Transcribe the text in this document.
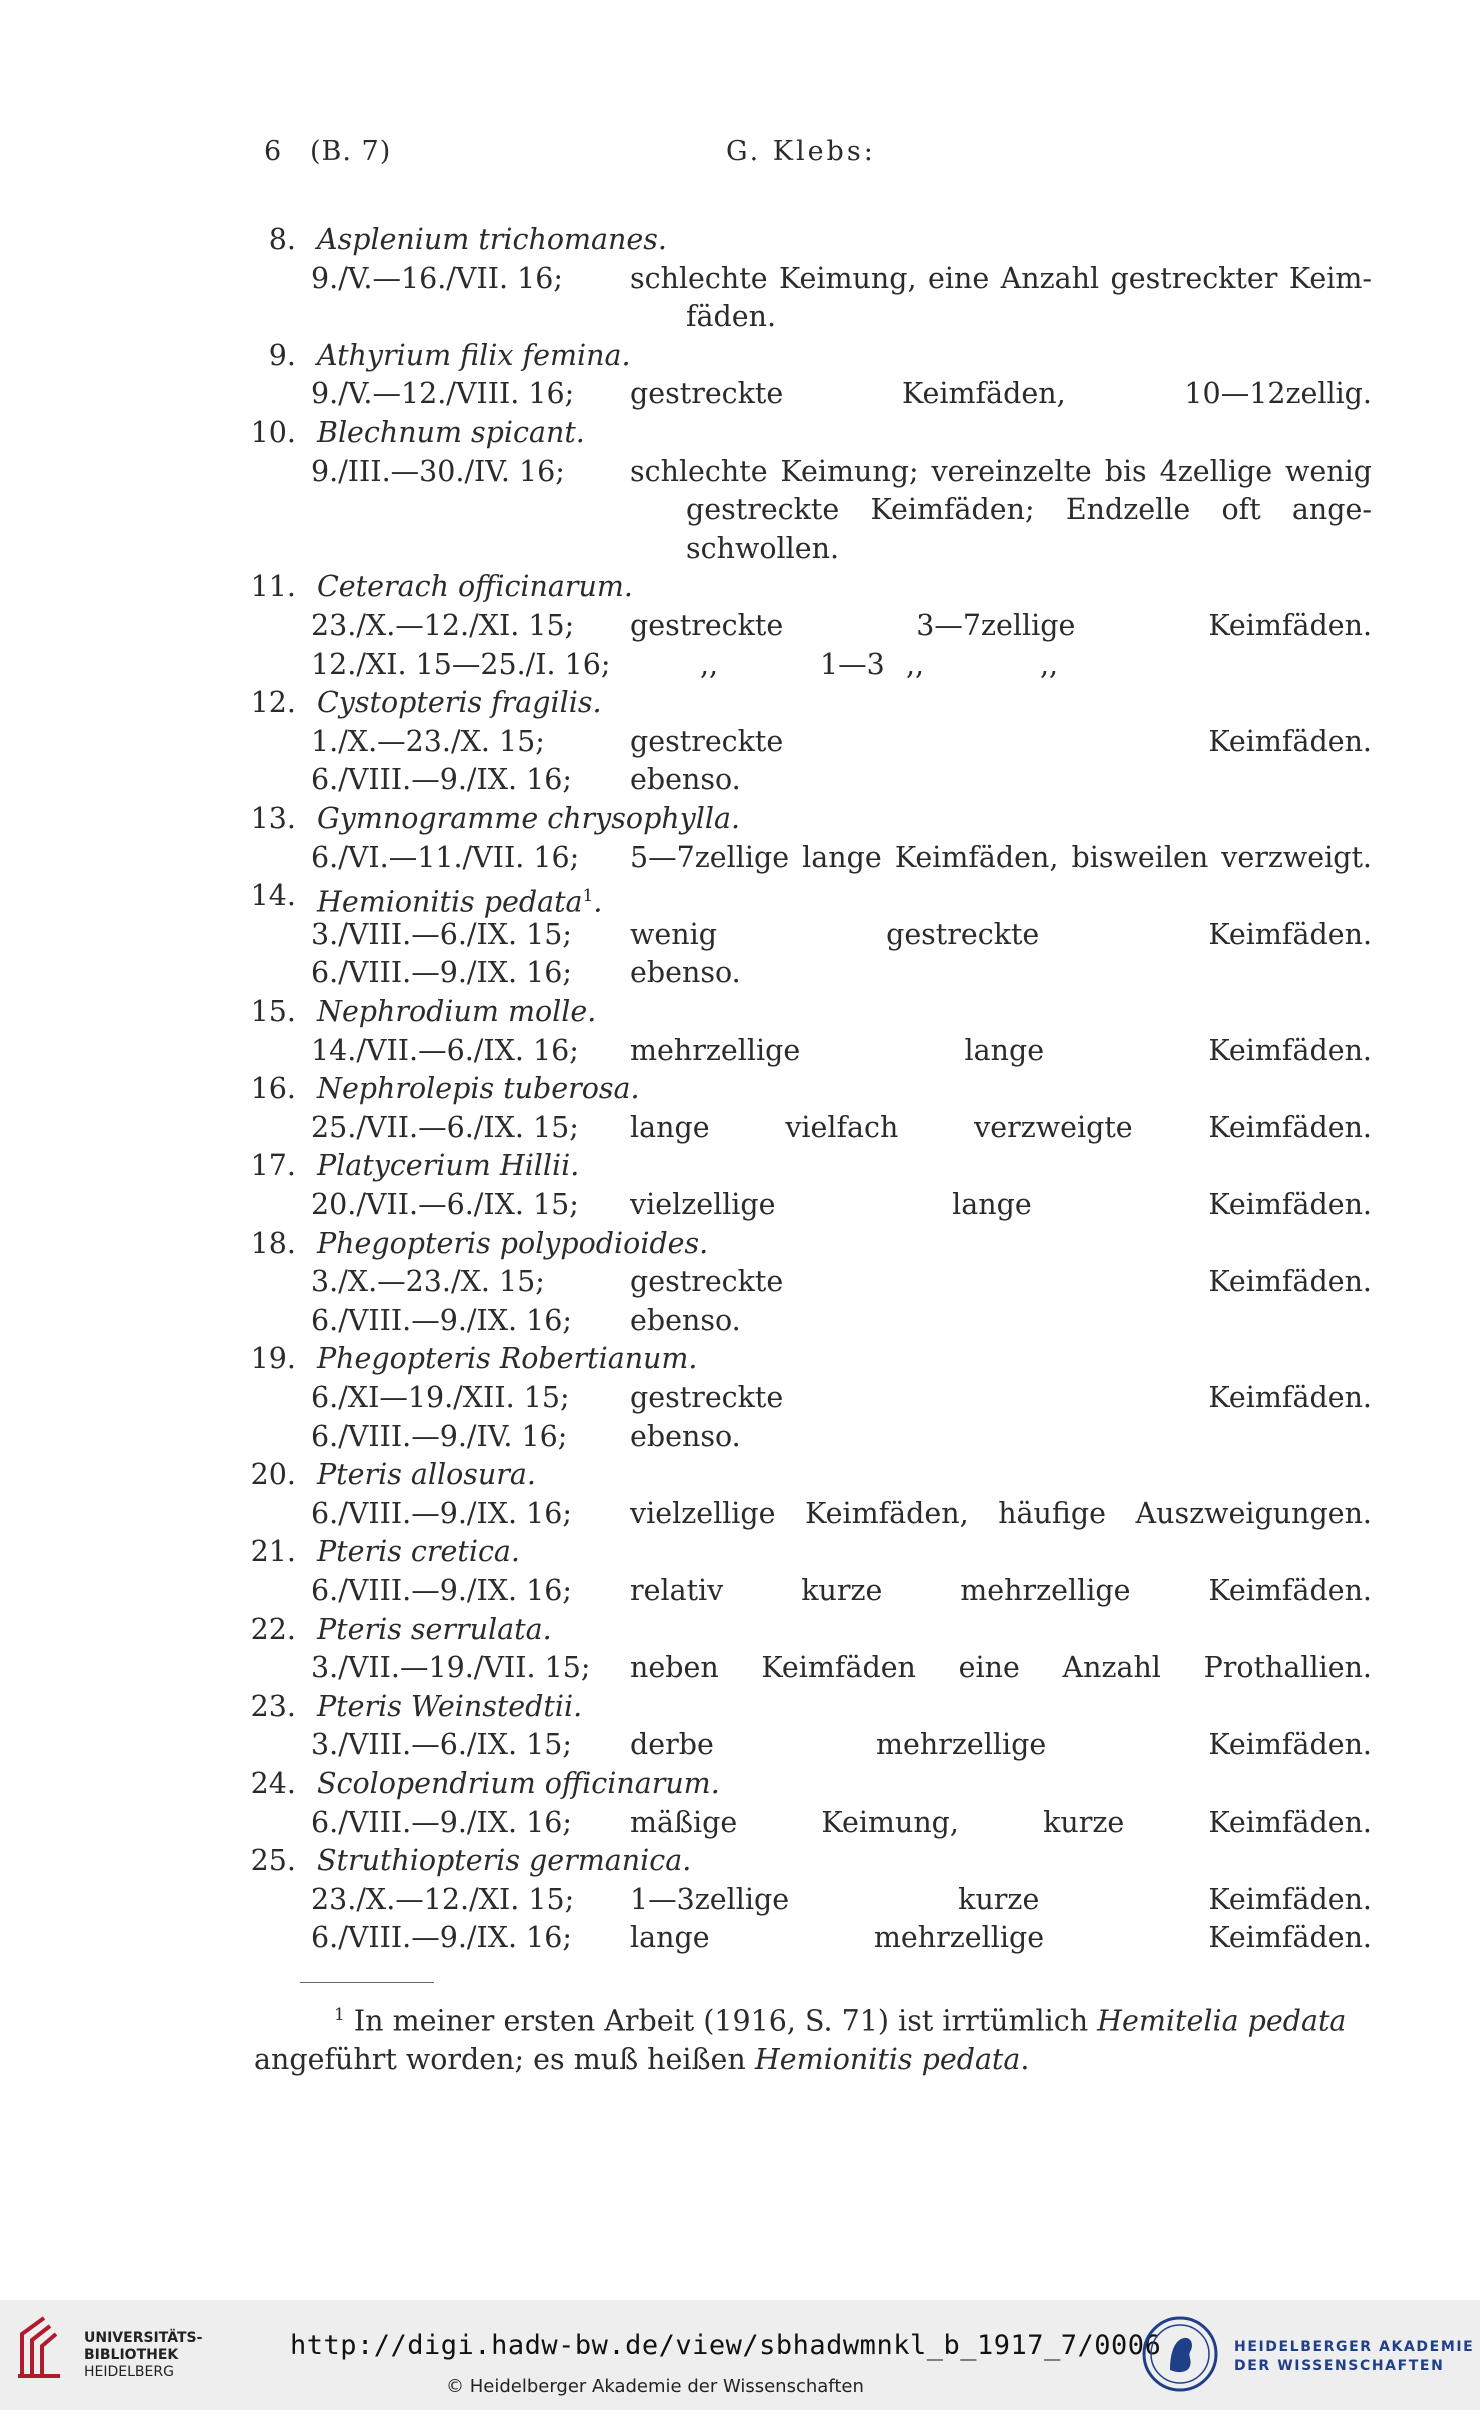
6 (B. 7)	G. Klebs:
8. Asplenium trichomanes.
9./V.—16./VII. 16; schlechte Keimung, eine Anzahl gestreckter Keim-
fäden.
9. Athyrium filix femina.
9./V.—12./VIII. 16; gestreckte Keimfäden, 10—12zellig.
10. Blechnum spicant.
9./III.—30./IV. 16; schlechte Keimung; vereinzelte bis 4zellige wenig
gestreckte Keimfäden; Endzelle oft ange-
schwollen.
11. Ceterach officinarum.
23./X.—12./XI. 15; gestreckte 3—7zellige Keimfäden.
12./XI. 15—25./I. 16;	,,	1—3 ,,	,,
12. Cystopteris fragilis.
1./X.—23./X. 15;	gestreckte Keimfäden.
6./VIII.—9./IX. 16; ebenso.
13. Gymnogramme chrysophylla.
6./VI.—11./VII. 16; 5—7zellige lange Keimfäden, bisweilen verzweigt.
14. Hemionitis pedata$^1$.
3./VIII.—6./IX. 15; wenig gestreckte Keimfäden.
6./VIII.—9./IX. 16; ebenso.
15. Nephrodium molle.
14./VII.—6./IX. 16; mehrzellige lange Keimfäden.
16. Nephrolepis tuberosa.
25./VII.—6./IX. 15; lange vielfach verzweigte Keimfäden.
17. Platycerium Hillii.
20./VII.—6./IX. 15; vielzellige lange Keimfäden.
18. Phegopteris polypodioides.
3./X.—23./X. 15;	gestreckte Keimfäden.
6./VIII.—9./IX. 16; ebenso.
19. Phegopteris Robertianum.
6./XI—19./XII. 15; gestreckte Keimfäden.
6./VIII.—9./IV. 16; ebenso.
20. Pteris allosura.
6./VIII.—9./IX. 16; vielzellige Keimfäden, häufige Auszweigungen.
21. Pteris cretica.
6./VIII.—9./IX. 16; relativ kurze mehrzellige Keimfäden.
22. Pteris serrulata.
3./VII.—19./VII. 15; neben Keimfäden eine Anzahl Prothallien.
23. Pteris Weinstedtii.
3./VIII.—6./IX. 15; derbe mehrzellige Keimfäden.
24. Scolopendrium officinarum.
6./VIII.—9./IX. 16; mäßige Keimung, kurze Keimfäden.
25. Struthiopteris germanica.
23./X.—12./XI. 15; 1—3zellige kurze Keimfäden.
6./VIII.—9./IX. 16; lange mehrzellige Keimfäden.
$^1$ In meiner ersten Arbeit (1916, S. 71) ist irrtümlich Hemitelia pedata angeführt worden; es muß heißen Hemionitis pedata.
UNIVERSITÄTS-
BIBLIOTHEK
HEIDELBERG
http://digi.hadw-bw.de/view/sbhadwmnkl_b_1917_7/0006
© Heidelberger Akademie der Wissenschaften
HEIDELBERGER AKADEMIE
DER WISSENSCHAFTEN
